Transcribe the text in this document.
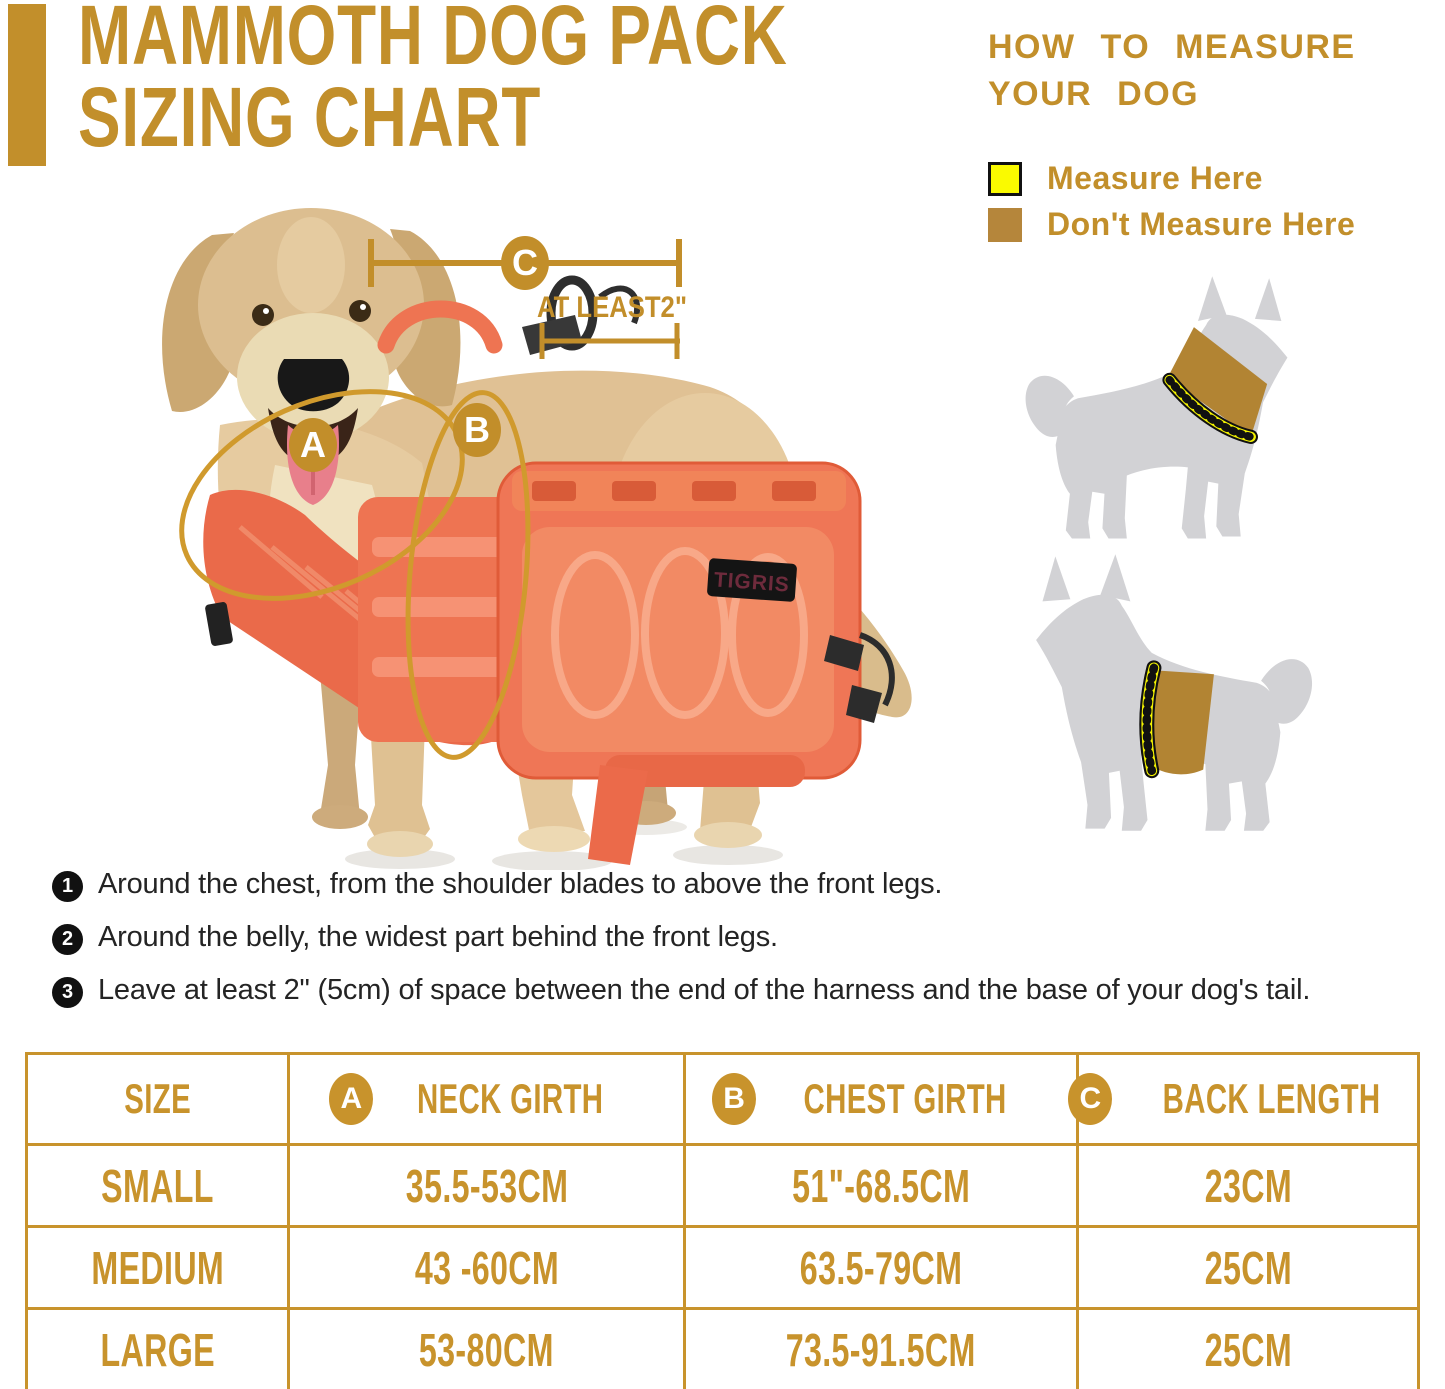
MAMMOTH DOG PACK
SIZING CHART
HOW TO MEASURE
YOUR DOG
Measure Here
Don't Measure Here
TIGRIS
AT LEAST2"
A	B
C
1 Around the chest, from the shoulder blades to above the front legs.
2 Around the belly, the widest part behind the front legs.
3 Leave at least 2" (5cm) of space between the end of the harness and the base of your dog's tail.
SIZE	A NECK GIRTH	B CHEST GIRTH	C BACK LENGTH

SMALL	35.5-53CM	51"-68.5CM	23CM
MEDIUM	43 -60CM	63.5-79CM	25CM
LARGE	53-80CM	73.5-91.5CM	25CM
